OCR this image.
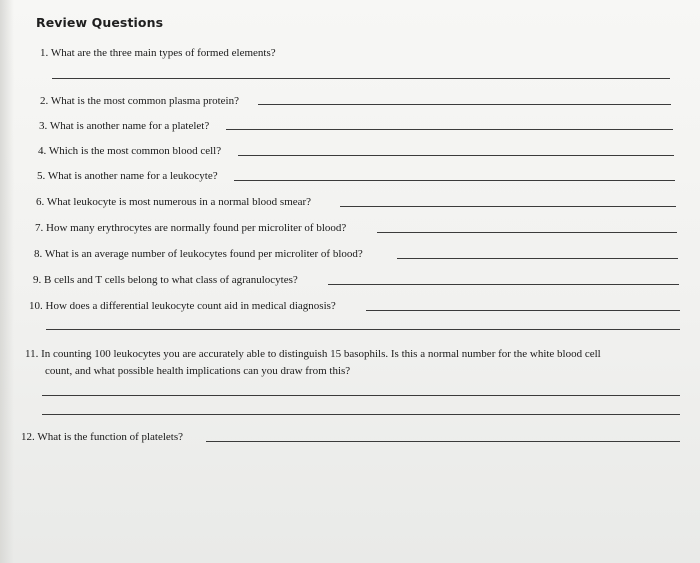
Review Questions
1. What are the three main types of formed elements?
2. What is the most common plasma protein?
3. What is another name for a platelet?
4. Which is the most common blood cell?
5. What is another name for a leukocyte?
6. What leukocyte is most numerous in a normal blood smear?
7. How many erythrocytes are normally found per microliter of blood?
8. What is an average number of leukocytes found per microliter of blood?
9. B cells and T cells belong to what class of agranulocytes?
10. How does a differential leukocyte count aid in medical diagnosis?
11. In counting 100 leukocytes you are accurately able to distinguish 15 basophils. Is this a normal number for the white blood cell
count, and what possible health implications can you draw from this?
12. What is the function of platelets?
